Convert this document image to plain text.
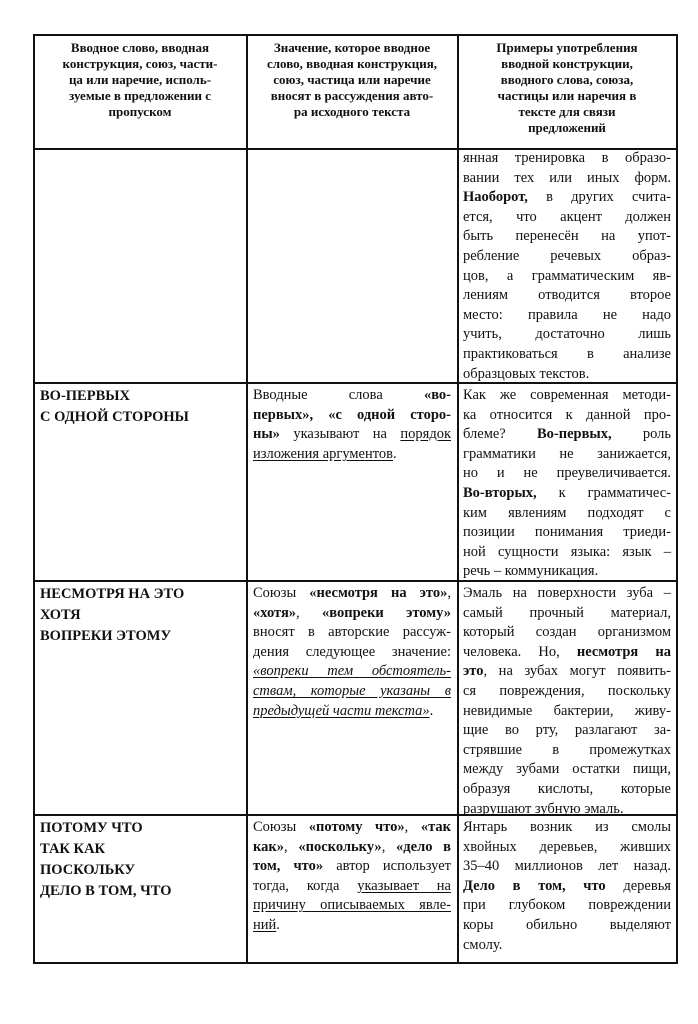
Вводное слово, вводная
конструкция, союз, части-
ца или наречие, исполь-
зуемые в предложении с
пропуском
Значение, которое вводное
слово, вводная конструкция,
союз, частица или наречие
вносят в рассуждения авто-
ра исходного текста
Примеры употребления
вводной конструкции,
вводного слова, союза,
частицы или наречия в
тексте для связи
предложений
янная тренировка в образо-
вании тех или иных форм.
Наоборот, в других счита-
ется, что акцент должен
быть перенесён на упот-
ребление речевых образ-
цов, а грамматическим яв-
лениям отводится второе
место: правила не надо
учить, достаточно лишь
практиковаться в анализе
образцовых текстов.
ВО-ПЕРВЫХ
С ОДНОЙ СТОРОНЫ
Вводные слова «во-
первых», «с одной сторо-
ны» указывают на порядок
изложения аргументов.
Как же современная методи-
ка относится к данной про-
блеме? Во-первых, роль
грамматики не занижается,
но и не преувеличивается.
Во-вторых, к грамматичес-
ким явлениям подходят с
позиции понимания триеди-
ной сущности языка: язык –
речь – коммуникация.
НЕСМОТРЯ НА ЭТО
ХОТЯ
ВОПРЕКИ ЭТОМУ
Союзы «несмотря на это»,
«хотя», «вопреки этому»
вносят в авторские рассуж-
дения следующее значение:
«вопреки тем обстоятель-
ствам, которые указаны в
предыдущей части текста».
Эмаль на поверхности зуба –
самый прочный материал,
который создан организмом
человека. Но, несмотря на
это, на зубах могут появить-
ся повреждения, поскольку
невидимые бактерии, живу-
щие во рту, разлагают за-
стрявшие в промежутках
между зубами остатки пищи,
образуя кислоты, которые
разрушают зубную эмаль.
ПОТОМУ ЧТО
ТАК КАК
ПОСКОЛЬКУ
ДЕЛО В ТОМ, ЧТО
Союзы «потому что», «так
как», «поскольку», «дело в
том, что» автор использует
тогда, когда указывает на
причину описываемых явле-
ний.
Янтарь возник из смолы
хвойных деревьев, живших
35–40 миллионов лет назад.
Дело в том, что деревья
при глубоком повреждении
коры обильно выделяют
смолу.
